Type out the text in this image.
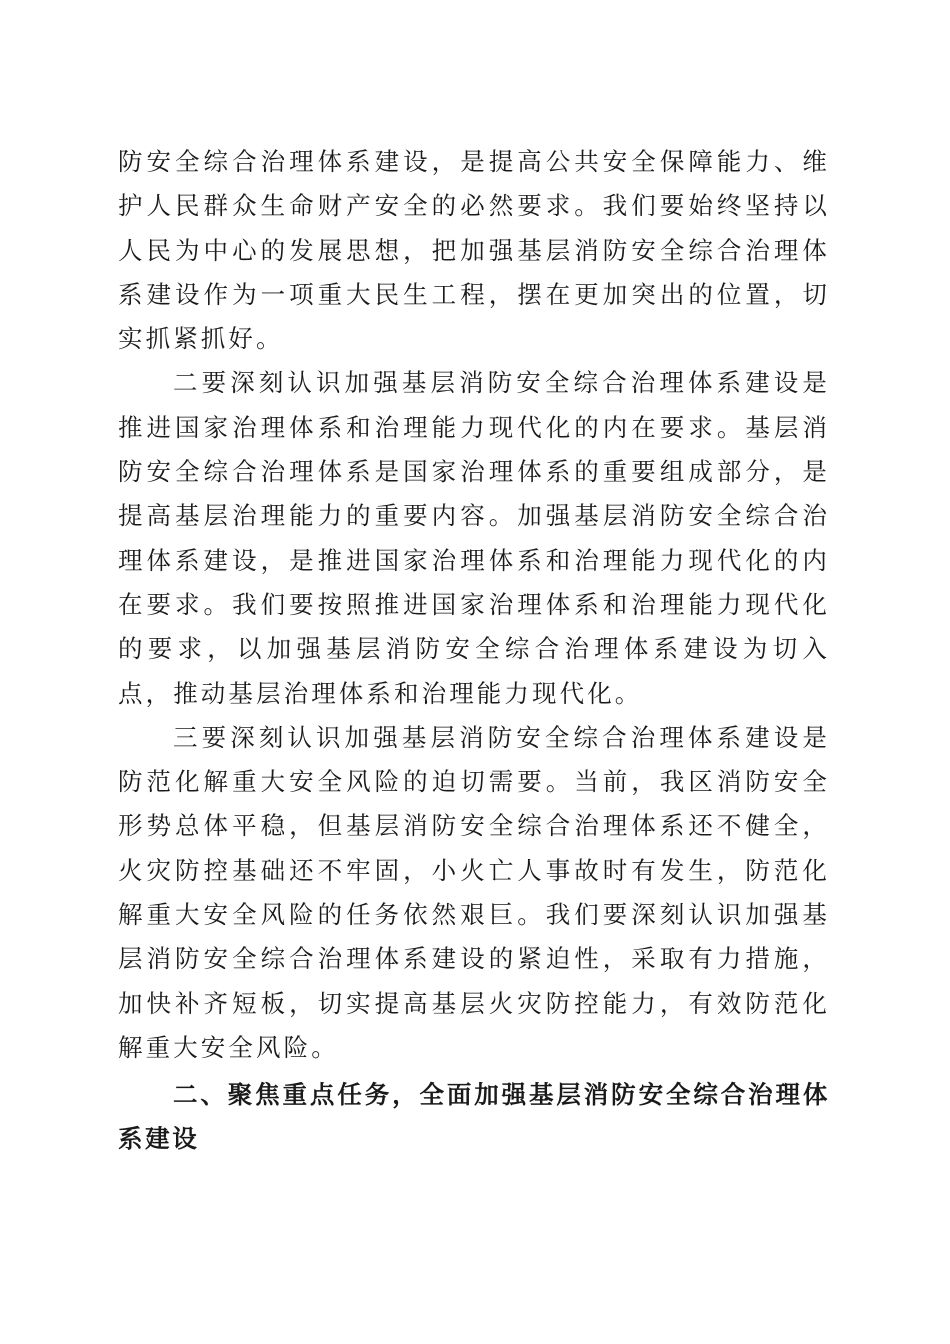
防安全综合治理体系建设，是提高公共安全保障能力、维护人民群众生命财产安全的必然要求。我们要始终坚持以人民为中心的发展思想，把加强基层消防安全综合治理体系建设作为一项重大民生工程，摆在更加突出的位置，切实抓紧抓好。

二要深刻认识加强基层消防安全综合治理体系建设是推进国家治理体系和治理能力现代化的内在要求。基层消防安全综合治理体系是国家治理体系的重要组成部分，是提高基层治理能力的重要内容。加强基层消防安全综合治理体系建设，是推进国家治理体系和治理能力现代化的内在要求。我们要按照推进国家治理体系和治理能力现代化的要求，以加强基层消防安全综合治理体系建设为切入点，推动基层治理体系和治理能力现代化。

三要深刻认识加强基层消防安全综合治理体系建设是防范化解重大安全风险的迫切需要。当前，我区消防安全形势总体平稳，但基层消防安全综合治理体系还不健全，火灾防控基础还不牢固，小火亡人事故时有发生，防范化解重大安全风险的任务依然艰巨。我们要深刻认识加强基层消防安全综合治理体系建设的紧迫性，采取有力措施，加快补齐短板，切实提高基层火灾防控能力，有效防范化解重大安全风险。

二、聚焦重点任务，全面加强基层消防安全综合治理体系建设
